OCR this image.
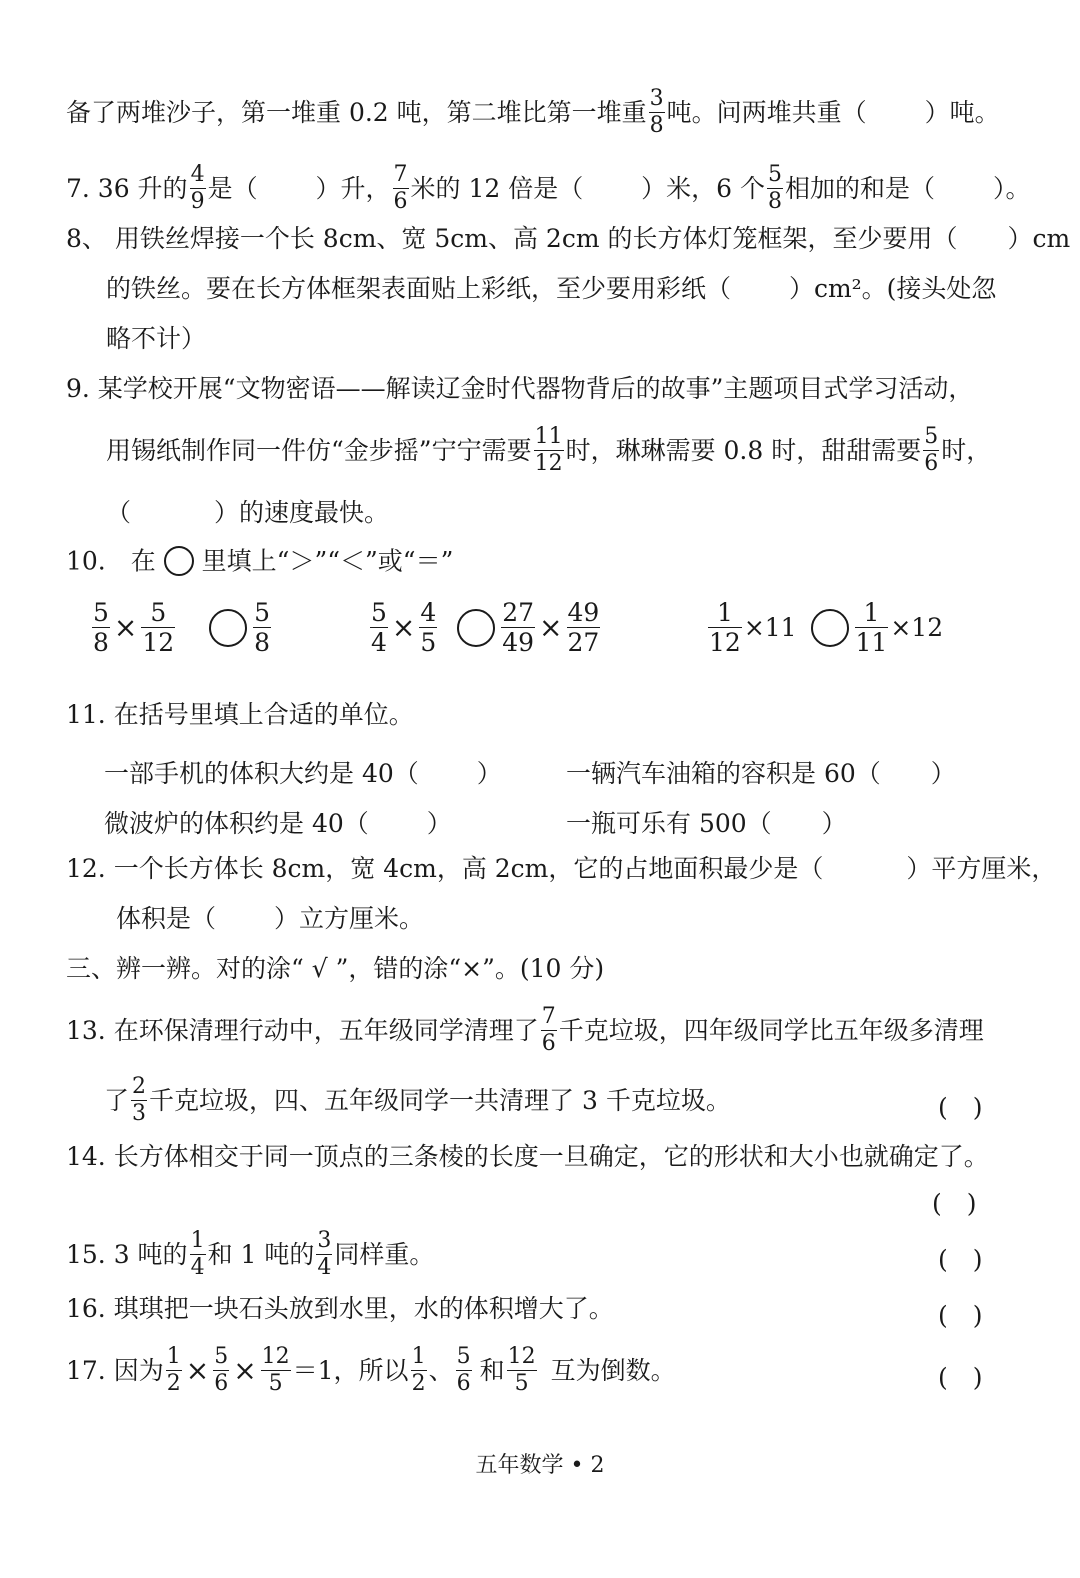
备了两堆沙子，第一堆重 0.2 吨，第二堆比第一堆重 $\frac{3}{8}$ 吨。问两堆共重（　　 ）吨。
7. 36 升的 $\frac{4}{9}$ 是（　　 ）升， $\frac{7}{6}$ 米的 12 倍是（　　 ）米，6 个 $\frac{5}{8}$ 相加的和是（　　 ）。
8、 用铁丝焊接一个长 8cm、宽 5cm、高 2cm 的长方体灯笼框架，至少要用（　　）cm
的铁丝。要在长方体框架表面贴上彩纸，至少要用彩纸（　　 ）cm²。(接头处忽
略不计）
9. 某学校开展“文物密语——解读辽金时代器物背后的故事”主题项目式学习活动，
用锡纸制作同一件仿“金步摇”宁宁需要 $\frac{11}{12}$ 时，琳琳需要 0.8 时，甜甜需要 $\frac{5}{6}$ 时，
（　　　 ）的速度最快。
10.　在 里填上“＞”“＜”或“＝”
$\frac{5}{8} \times \frac{5}{12}$
	$\frac{5}{8}$	$\frac{5}{4} \times \frac{4}{5}$
	$\frac{27}{49} \times \frac{49}{27}$	$\frac{1}{12} \times 11 \frac{1}{11} \times 12$
11. 在括号里填上合适的单位。
一部手机的体积大约是 40（　　 ）	一辆汽车油箱的容积是 60（　　）
微波炉的体积约是 40（　　 ）	一瓶可乐有 500（　　）
12. 一个长方体长 8cm，宽 4cm，高 2cm，它的占地面积最少是（　　　 ）平方厘米，
体积是（　　 ）立方厘米。
三、辨一辨。对的涂“ √ ”，错的涂“×”。(10 分)
13. 在环保清理行动中，五年级同学清理了 $\frac{7}{6}$ 千克垃圾，四年级同学比五年级多清理
了 $\frac{2}{3}$ 千克垃圾，四、五年级同学一共清理了 3 千克垃圾。	(　)
14. 长方体相交于同一顶点的三条棱的长度一旦确定，它的形状和大小也就确定了。
(　)
15. 3 吨的 $\frac{1}{4}$ 和 1 吨的 $\frac{3}{4}$ 同样重。	(　)
16. 琪琪把一块石头放到水里，水的体积增大了。	(　)
17. 因为 $\frac{1}{2} \times \frac{5}{6} \times \frac{12}{5} =1$，所以 $\frac{1}{2}$ 、 $\frac{5}{6}$ 和 $\frac{12}{5}$ 互为倒数。	(　)
五年数学 • 2
